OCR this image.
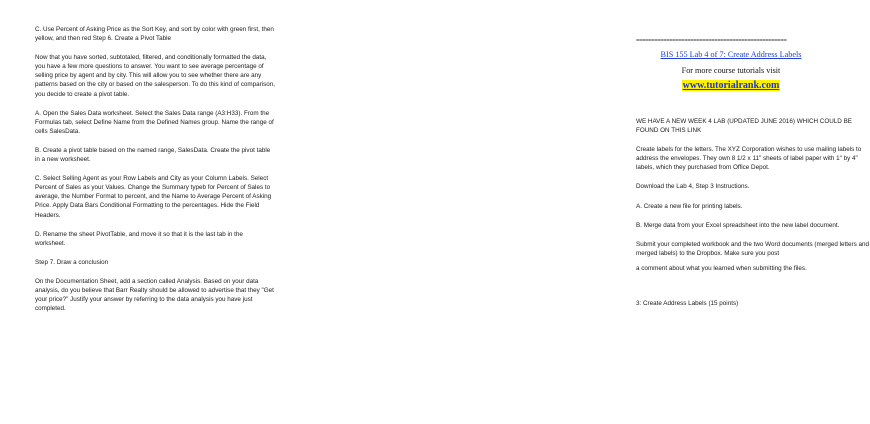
C. Use Percent of Asking Price as the Sort Key, and sort by color with green first, then yellow, and then red Step 6. Create a Pivot Table

Now that you have sorted, subtotaled, filtered, and conditionally formatted the data, you have a few more questions to answer. You want to see average percentage of selling price by agent and by city. This will allow you to see whether there are any patterns based on the city or based on the salesperson. To do this kind of comparison, you decide to create a pivot table.

A. Open the Sales Data worksheet. Select the Sales Data range (A3:H33). From the Formulas tab, select Define Name from the Defined Names group. Name the range of cells SalesData.

B. Create a pivot table based on the named range, SalesData. Create the pivot table in a new worksheet.

C. Select Selling Agent as your Row Labels and City as your Column Labels. Select Percent of Sales as your Values. Change the Summary typeb for Percent of Sales to average, the Number Format to percent, and the Name to Average Percent of Asking Price. Apply Data Bars Conditional Formatting to the percentages. Hide the Field Headers.

D. Rename the sheet PivotTable, and move it so that it is the last tab in the worksheet.

Step 7. Draw a conclusion

On the Documentation Sheet, add a section called Analysis. Based on your data analysis, do you believe that Barr Realty should be allowed to advertise that they "Get your price?" Justify your answer by referring to the data analysis you have just completed.

==================================================
BIS 155 Lab 4 of 7: Create Address Labels
For more course tutorials visit
www.tutorialrank.com

WE HAVE A NEW WEEK 4 LAB (UPDATED JUNE 2016) WHICH COULD BE FOUND ON THIS LINK

Create labels for the letters. The XYZ Corporation wishes to use mailing labels to address the envelopes. They own 8 1/2 x 11" sheets of label paper with 1" by 4" labels, which they purchased from Office Depot.

Download the Lab 4, Step 3 Instructions.

A. Create a new file for printing labels.

B. Merge data from your Excel spreadsheet into the new label document.

Submit your completed workbook and the two Word documents (merged letters and merged labels) to the Dropbox. Make sure you post

a comment about what you learned when submitting the files.

3: Create Address Labels (15 points)
